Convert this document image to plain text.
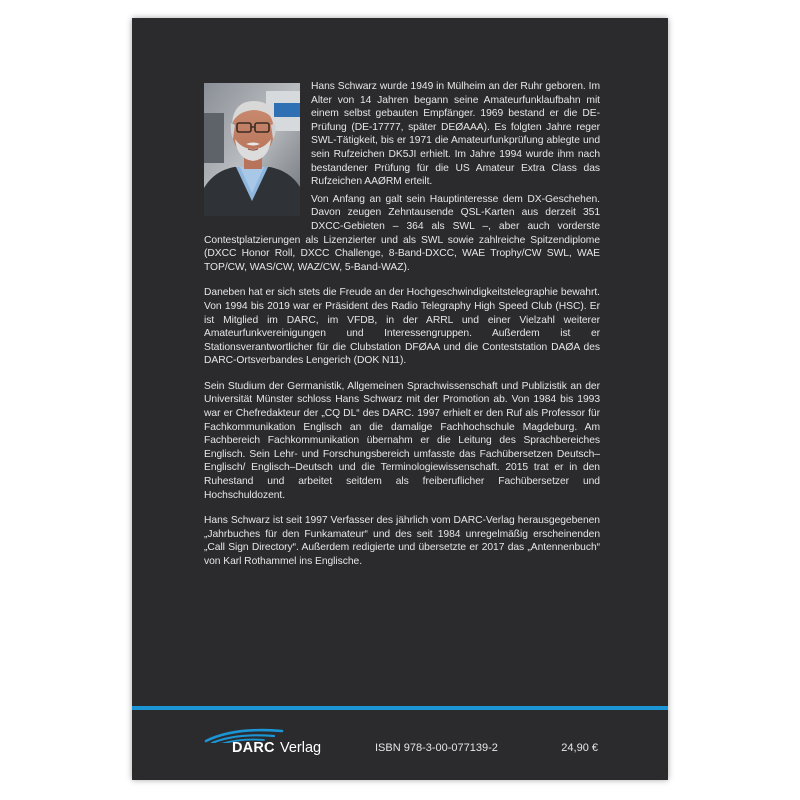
Hans Schwarz wurde 1949 in Mülheim an der Ruhr geboren. Im Alter von 14 Jahren begann seine Amateurfunklaufbahn mit einem selbst gebauten Empfänger. 1969 bestand er die DE-Prüfung (DE-17777, später DEØAAA). Es folgten Jahre reger SWL-Tätigkeit, bis er 1971 die Amateurfunkprüfung ablegte und sein Rufzeichen DK5JI erhielt. Im Jahre 1994 wurde ihm nach bestandener Prüfung für die US Amateur Extra Class das Rufzeichen AAØRM erteilt.

Von Anfang an galt sein Hauptinteresse dem DX-Geschehen. Davon zeugen Zehntausende QSL-Karten aus derzeit 351 DXCC-Gebieten – 364 als SWL –, aber auch vorderste Contestplatzierungen als Lizenzierter und als SWL sowie zahlreiche Spitzendiplome (DXCC Honor Roll, DXCC Challenge, 8-Band-DXCC, WAE Trophy/CW SWL, WAE TOP/CW, WAS/CW, WAZ/CW, 5-Band-WAZ).

Daneben hat er sich stets die Freude an der Hochgeschwindigkeitstelegraphie bewahrt. Von 1994 bis 2019 war er Präsident des Radio Telegraphy High Speed Club (HSC). Er ist Mitglied im DARC, im VFDB, in der ARRL und einer Vielzahl weiterer Amateurfunkvereinigungen und Interessengruppen. Außerdem ist er Stationsverantwortlicher für die Clubstation DFØAA und die Conteststation DAØA des DARC-Ortsverbandes Lengerich (DOK N11).

Sein Studium der Germanistik, Allgemeinen Sprachwissenschaft und Publizistik an der Universität Münster schloss Hans Schwarz mit der Promotion ab. Von 1984 bis 1993 war er Chefredakteur der „CQ DL“ des DARC. 1997 erhielt er den Ruf als Professor für Fachkommunikation Englisch an die damalige Fachhochschule Magdeburg. Am Fachbereich Fachkommunikation übernahm er die Leitung des Sprachbereiches Englisch. Sein Lehr- und Forschungsbereich umfasste das Fachübersetzen Deutsch–Englisch/ Englisch–Deutsch und die Terminologiewissenschaft. 2015 trat er in den Ruhestand und arbeitet seitdem als freiberuflicher Fachübersetzer und Hochschuldozent.

Hans Schwarz ist seit 1997 Verfasser des jährlich vom DARC-Verlag herausgegebenen „Jahrbuches für den Funkamateur“ und des seit 1984 unregelmäßig erscheinenden „Call Sign Directory“. Außerdem redigierte und übersetzte er 2017 das „Antennenbuch“ von Karl Rothammel ins Englische.

DARC Verlag	ISBN 978-3-00-077139-2	24,90 €
